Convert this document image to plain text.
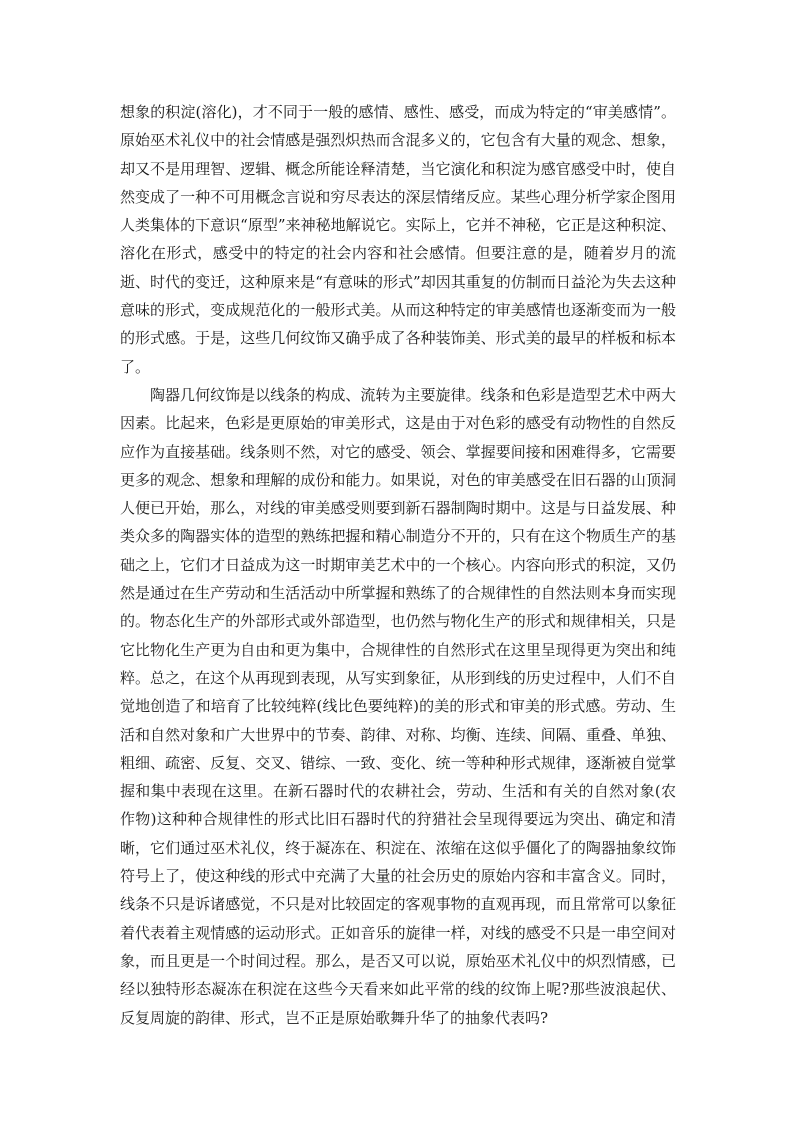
想象的积淀(溶化)，才不同于一般的感情、感性、感受，而成为特定的“审美感情”。原始巫术礼仪中的社会情感是强烈炽热而含混多义的，它包含有大量的观念、想象，却又不是用理智、逻辑、概念所能诠释清楚，当它演化和积淀为感官感受中时，使自然变成了一种不可用概念言说和穷尽表达的深层情绪反应。某些心理分析学家企图用人类集体的下意识“原型”来神秘地解说它。实际上，它并不神秘，它正是这种积淀、溶化在形式，感受中的特定的社会内容和社会感情。但要注意的是，随着岁月的流逝、时代的变迁，这种原来是“有意味的形式”却因其重复的仿制而日益沦为失去这种意味的形式，变成规范化的一般形式美。从而这种特定的审美感情也逐渐变而为一般的形式感。于是，这些几何纹饰又确乎成了各种装饰美、形式美的最早的样板和标本了。

陶器几何纹饰是以线条的构成、流转为主要旋律。线条和色彩是造型艺术中两大因素。比起来，色彩是更原始的审美形式，这是由于对色彩的感受有动物性的自然反应作为直接基础。线条则不然，对它的感受、领会、掌握要间接和困难得多，它需要更多的观念、想象和理解的成份和能力。如果说，对色的审美感受在旧石器的山顶洞人便已开始，那么，对线的审美感受则要到新石器制陶时期中。这是与日益发展、种类众多的陶器实体的造型的熟练把握和精心制造分不开的，只有在这个物质生产的基础之上，它们才日益成为这一时期审美艺术中的一个核心。内容向形式的积淀，又仍然是通过在生产劳动和生活活动中所掌握和熟练了的合规律性的自然法则本身而实现的。物态化生产的外部形式或外部造型，也仍然与物化生产的形式和规律相关，只是它比物化生产更为自由和更为集中，合规律性的自然形式在这里呈现得更为突出和纯粹。总之，在这个从再现到表现，从写实到象征，从形到线的历史过程中，人们不自觉地创造了和培育了比较纯粹(线比色要纯粹)的美的形式和审美的形式感。劳动、生活和自然对象和广大世界中的节奏、韵律、对称、均衡、连续、间隔、重叠、单独、粗细、疏密、反复、交叉、错综、一致、变化、统一等种种形式规律，逐渐被自觉掌握和集中表现在这里。在新石器时代的农耕社会，劳动、生活和有关的自然对象(农作物)这种种合规律性的形式比旧石器时代的狩猎社会呈现得要远为突出、确定和清晰，它们通过巫术礼仪，终于凝冻在、积淀在、浓缩在这似乎僵化了的陶器抽象纹饰符号上了，使这种线的形式中充满了大量的社会历史的原始内容和丰富含义。同时，线条不只是诉诸感觉，不只是对比较固定的客观事物的直观再现，而且常常可以象征着代表着主观情感的运动形式。正如音乐的旋律一样，对线的感受不只是一串空间对象，而且更是一个时间过程。那么，是否又可以说，原始巫术礼仪中的炽烈情感，已经以独特形态凝冻在积淀在这些今天看来如此平常的线的纹饰上呢?那些波浪起伏、反复周旋的韵律、形式，岂不正是原始歌舞升华了的抽象代表吗?
